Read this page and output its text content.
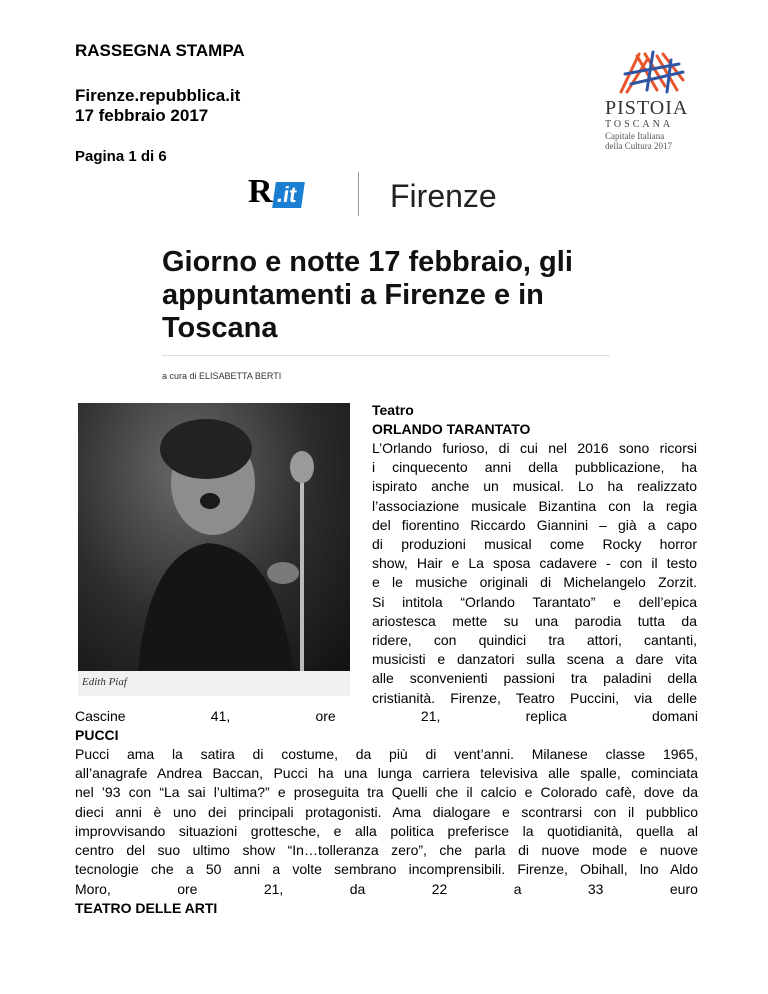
RASSEGNA STAMPA
Firenze.repubblica.it
17 febbraio 2017
Pagina 1 di 6
PISTOIA
TOSCANA
Capitale Italiana
della Cultura 2017
R .it	Firenze
Giorno e notte 17 febbraio, gli appuntamenti a Firenze e in Toscana
a cura di ELISABETTA BERTI
Edith Piaf
Teatro
ORLANDO TARANTATO
L’Orlando furioso, di cui nel 2016 sono ricorsi
i cinquecento anni della pubblicazione, ha
ispirato anche un musical. Lo ha realizzato
l’associazione musicale Bizantina con la regia
del fiorentino Riccardo Giannini – già a capo
di produzioni musical come Rocky horror
show, Hair e La sposa cadavere - con il testo
e le musiche originali di Michelangelo Zorzit.
Si intitola “Orlando Tarantato” e dell’epica
ariostesca mette su una parodia tutta da
ridere, con quindici tra attori, cantanti,
musicisti e danzatori sulla scena a dare vita
alle sconvenienti passioni tra paladini della
cristianità. Firenze, Teatro Puccini, via delle
Cascine	41,	ore	21,	replica	domani
PUCCI
Pucci ama la satira di costume, da più di vent’anni. Milanese classe 1965,
all’anagrafe Andrea Baccan, Pucci ha una lunga carriera televisiva alle spalle, cominciata
nel ’93 con “La sai l’ultima?” e proseguita tra Quelli che il calcio e Colorado cafè, dove da
dieci anni è uno dei principali protagonisti. Ama dialogare e scontrarsi con il pubblico
improvvisando situazioni grottesche, e alla politica preferisce la quotidianità, quella al
centro del suo ultimo show “In…tolleranza zero”, che parla di nuove mode e nuove
tecnologie che a 50 anni a volte sembrano incomprensibili. Firenze, Obihall, lno Aldo
Moro,	ore	21,	da	22	a	33	euro
TEATRO DELLE ARTI
